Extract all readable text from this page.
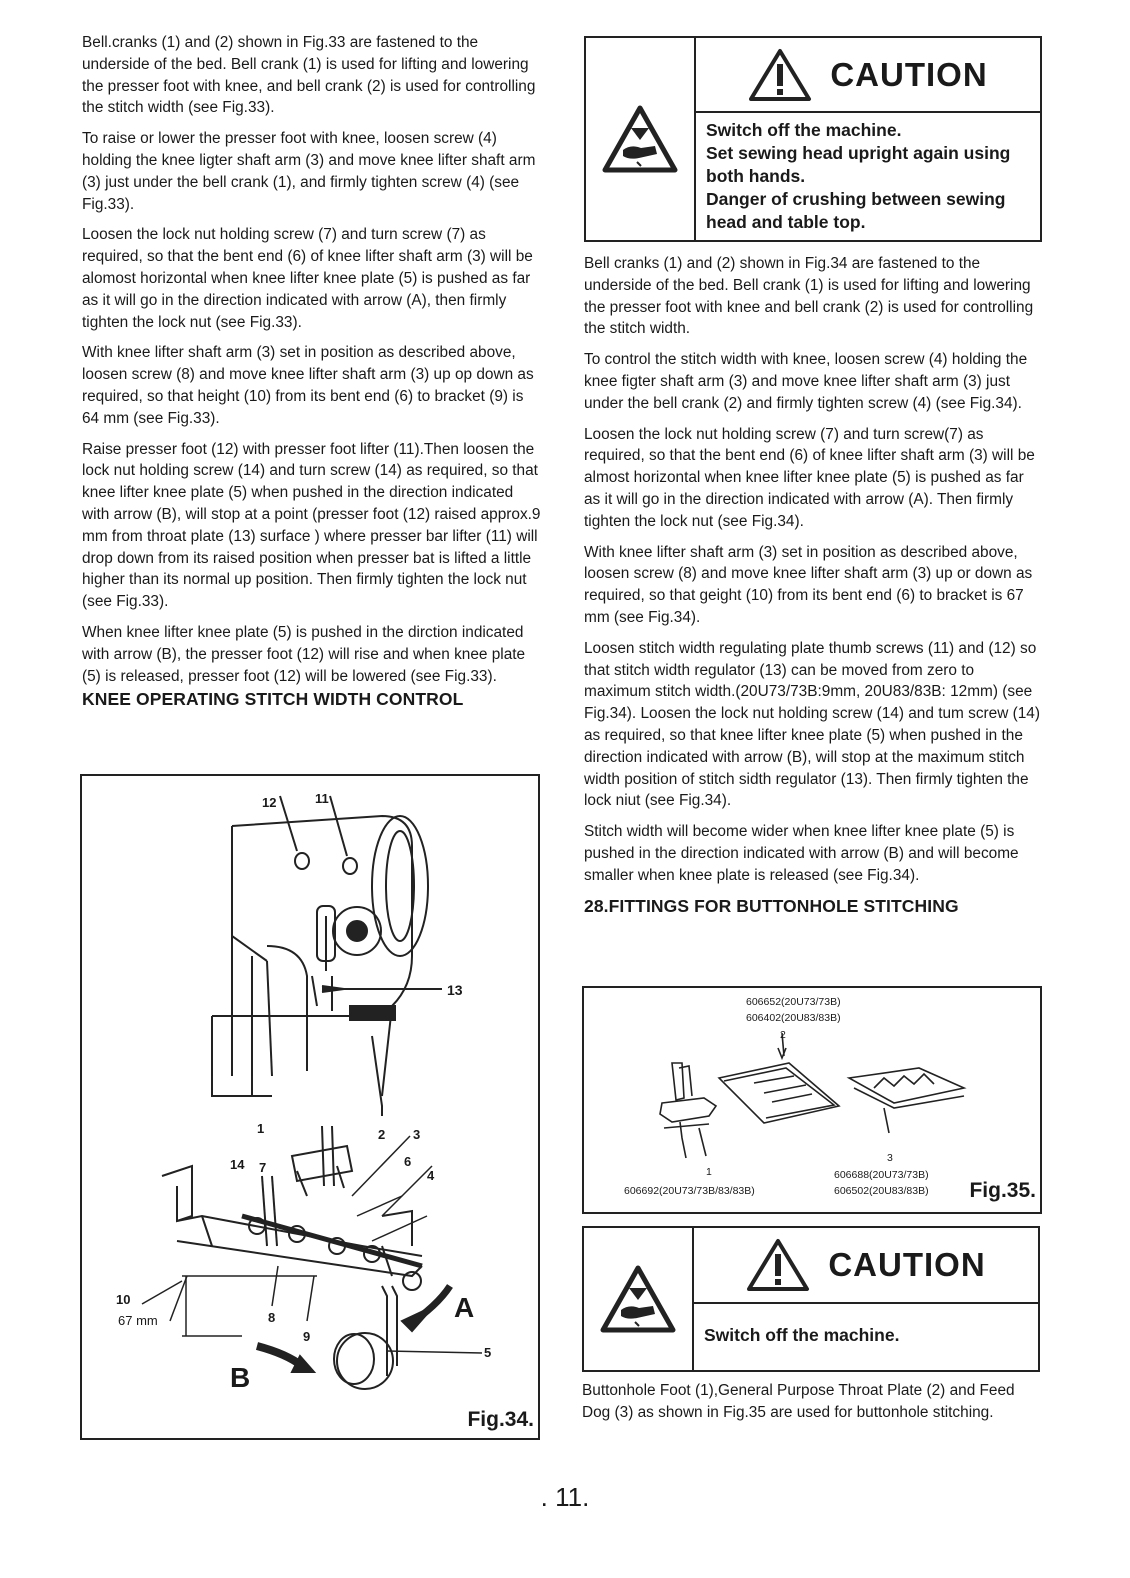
Bell.cranks (1) and (2) shown in Fig.33 are fastened to the underside of the bed. Bell crank (1) is used for lifting and lowering the presser foot with knee, and bell crank (2) is used for controlling the stitch width (see Fig.33).

To raise or lower the presser foot with knee, loosen screw (4) holding the knee ligter shaft arm (3) and move knee lifter shaft arm (3) just under the bell crank (1), and firmly tighten screw (4) (see Fig.33).

Loosen the lock nut holding screw (7) and turn screw (7) as required, so that the bent end (6) of knee lifter shaft arm (3) will be alomost horizontal when knee lifter knee plate (5) is pushed as far as it will go in the direction indicated with arrow (A), then firmly tighten the lock nut (see Fig.33).

With knee lifter shaft arm (3) set in position as described above, loosen screw (8) and move knee lifter shaft arm (3) up op down as required, so that height (10) from its bent end (6) to bracket (9) is 64 mm (see Fig.33).

Raise presser foot (12) with presser foot lifter (11).Then loosen the lock nut holding screw (14) and turn screw (14) as required, so that knee lifter knee plate (5) when pushed in the direction indicated with arrow (B), will stop at a point (presser foot (12) raised approx.9 mm from throat plate (13) surface ) where presser bar lifter (11) will drop down from its raised position when presser bat is lifted a little higher than its normal up position. Then firmly tighten the lock nut (see Fig.33).

When knee lifter knee plate (5) is pushed in the dirction indicated with arrow (B), the presser foot (12) will rise and when knee plate (5) is released, presser foot (12) will be lowered (see Fig.33).

KNEE OPERATING STITCH WIDTH CONTROL
12	11
13
1	2 3
14 7	6
4
10
67 mm	8
9
5
A
B
Fig.34.
CAUTION
Switch off the machine.
Set sewing head upright again using
both hands.
Danger of crushing between sewing
head and table top.

Bell cranks (1) and (2) shown in Fig.34 are fastened to the underside of the bed. Bell crank (1) is used for lifting and lowering the presser foot with knee and bell crank (2) is used for controlling the stitch width.

To control the stitch width with knee, loosen screw (4) holding the knee figter shaft arm (3) and move knee lifter shaft arm (3) just under the bell crank (2) and firmly tighten screw (4) (see Fig.34).

Loosen the lock nut holding screw (7) and turn screw(7) as required, so that the bent end (6) of knee lifter shaft arm (3) will be almost horizontal when knee lifter knee plate (5) is pushed as far as it will go in the direction indicated with arrow (A). Then firmly tighten the lock nut (see Fig.34).

With knee lifter shaft arm (3) set in position as described above, loosen screw (8) and move knee lifter shaft arm (3) up or down as required, so that geight (10) from its bent end (6) to bracket is 67 mm (see Fig.34).

Loosen stitch width regulating plate thumb screws (11) and (12) so that stitch width regulator (13) can be moved from zero to maximum stitch width.(20U73/73B:9mm, 20U83/83B: 12mm) (see Fig.34). Loosen the lock nut holding screw (14) and tum screw (14) as required, so that knee lifter knee plate (5) when pushed in the direction indicated with arrow (B), will stop at the maximum stitch width position of stitch sidth regulator (13). Then firmly tighten the lock niut (see Fig.34).

Stitch width will become wider when knee lifter knee plate (5) is pushed in the direction indicated with arrow (B) and will become smaller when knee plate is released (see Fig.34).

28.FITTINGS FOR BUTTONHOLE STITCHING
606652(20U73/73B)
606402(20U83/83B)
2
1
3
606692(20U73/73B/83/83B)
606688(20U73/73B)
606502(20U83/83B) Fig.35.
CAUTION
Switch off the machine.

Buttonhole Foot (1),General Purpose Throat Plate (2) and Feed Dog (3) as shown in Fig.35 are used for buttonhole stitching.

. 11.
